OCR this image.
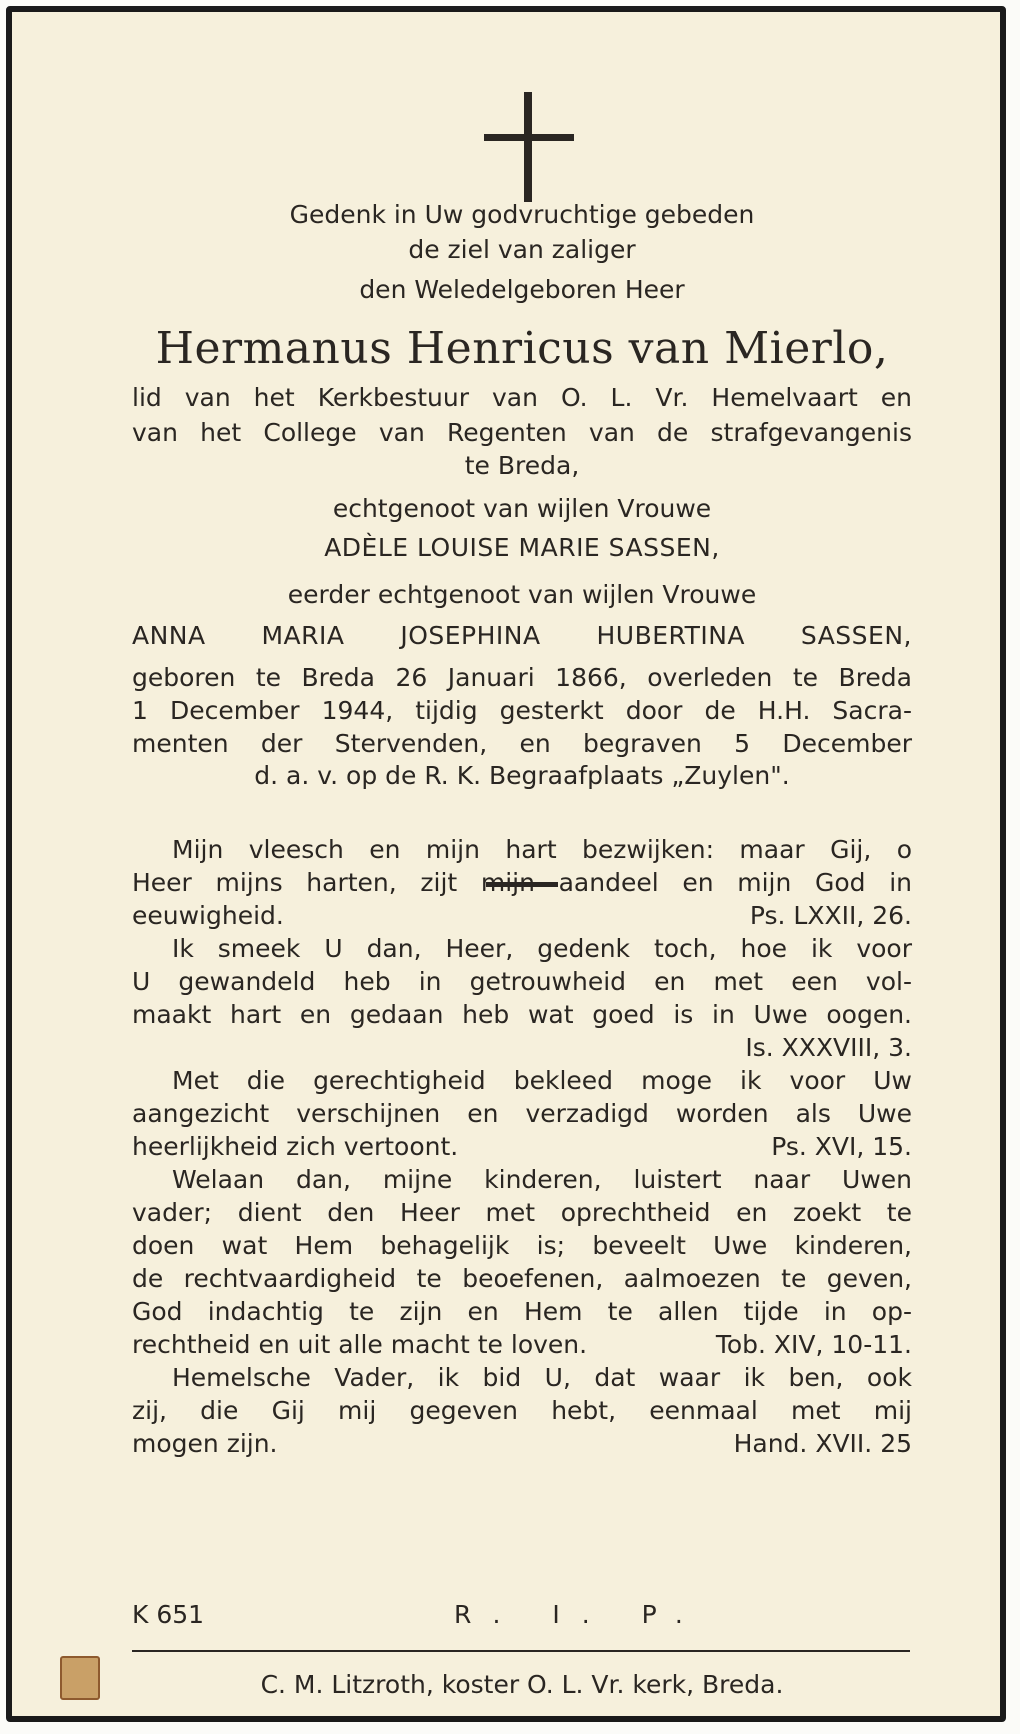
Gedenk in Uw godvruchtige gebeden
de ziel van zaliger
den Weledelgeboren Heer
Hermanus Henricus van Mierlo,
lid van het Kerkbestuur van O. L. Vr. Hemelvaart en
van het College van Regenten van de strafgevangenis
te Breda,
echtgenoot van wijlen Vrouwe
ADÈLE LOUISE MARIE SASSEN,
eerder echtgenoot van wijlen Vrouwe
ANNA MARIA JOSEPHINA HUBERTINA SASSEN,
geboren te Breda 26 Januari 1866, overleden te Breda
1 December 1944, tijdig gesterkt door de H.H. Sacra-
menten der Stervenden, en begraven 5 December
d. a. v. op de R. K. Begraafplaats „Zuylen".
Mijn vleesch en mijn hart bezwijken: maar Gij, o
Heer mijns harten, zijt mijn aandeel en mijn God in
eeuwigheid.	Ps. LXXII, 26.
Ik smeek U dan, Heer, gedenk toch, hoe ik voor
U gewandeld heb in getrouwheid en met een vol-
maakt hart en gedaan heb wat goed is in Uwe oogen.
Is. XXXVIII, 3.
Met die gerechtigheid bekleed moge ik voor Uw
aangezicht verschijnen en verzadigd worden als Uwe
heerlijkheid zich vertoont.	Ps. XVI, 15.
Welaan dan, mijne kinderen, luistert naar Uwen
vader; dient den Heer met oprechtheid en zoekt te
doen wat Hem behagelijk is; beveelt Uwe kinderen,
de rechtvaardigheid te beoefenen, aalmoezen te geven,
God indachtig te zijn en Hem te allen tijde in op-
rechtheid en uit alle macht te loven.	Tob. XIV, 10-11.
Hemelsche Vader, ik bid U, dat waar ik ben, ook
zij, die Gij mij gegeven hebt, eenmaal met mij
mogen zijn.	Hand. XVII. 25
K 651	R. I. P.
C. M. Litzroth, koster O. L. Vr. kerk, Breda.
